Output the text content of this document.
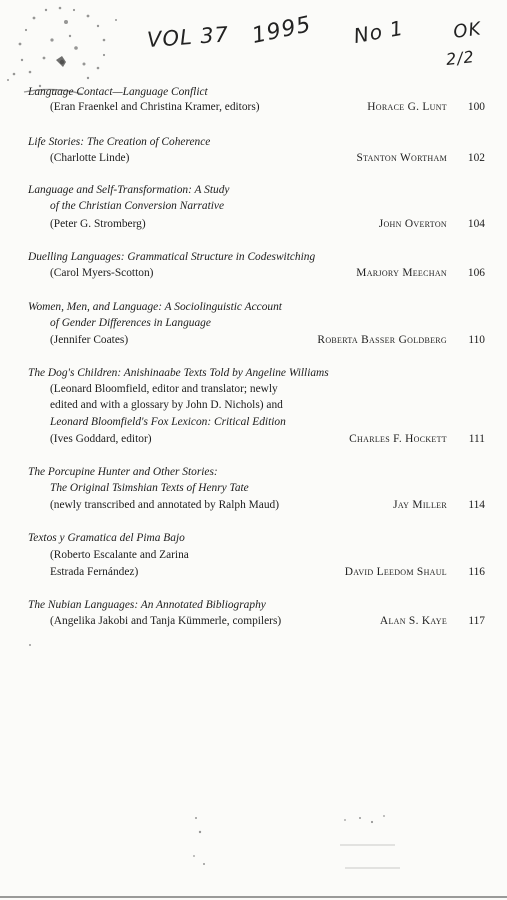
VOL 37 1995 No 1	OK
2/2
Language Contact—Language Conflict
(Eran Fraenkel and Christina Kramer, editors)	Horace G. Lunt	100
Life Stories: The Creation of Coherence
(Charlotte Linde)	Stanton Wortham	102
Language and Self-Transformation: A Study
of the Christian Conversion Narrative
(Peter G. Stromberg)	John Overton	104
Duelling Languages: Grammatical Structure in Codeswitching
(Carol Myers-Scotton)	Marjory Meechan	106
Women, Men, and Language: A Sociolinguistic Account
of Gender Differences in Language
(Jennifer Coates)	Roberta Basser Goldberg	110
The Dog's Children: Anishinaabe Texts Told by Angeline Williams
(Leonard Bloomfield, editor and translator; newly
edited and with a glossary by John D. Nichols) and
Leonard Bloomfield's Fox Lexicon: Critical Edition
(Ives Goddard, editor)	Charles F. Hockett	111
The Porcupine Hunter and Other Stories:
The Original Tsimshian Texts of Henry Tate
(newly transcribed and annotated by Ralph Maud)	Jay Miller	114
Textos y Gramatica del Pima Bajo
(Roberto Escalante and Zarina
Estrada Fernández)	David Leedom Shaul	116
The Nubian Languages: An Annotated Bibliography
(Angelika Jakobi and Tanja Kümmerle, compilers)	Alan S. Kaye	117
